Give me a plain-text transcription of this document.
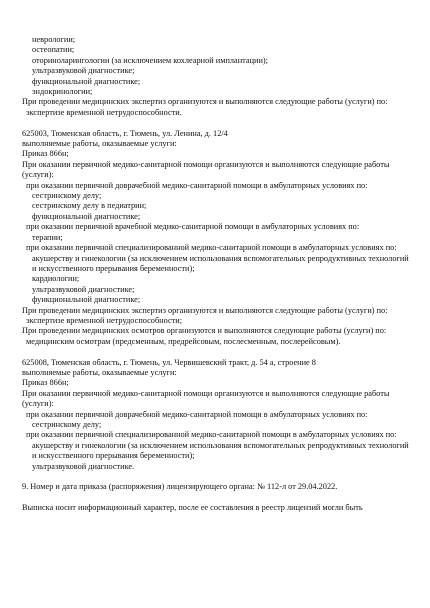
неврологии;

остеопатии;

оториноларингологии (за исключением кохлеарной имплантации);

ультразвуковой диагностике;

функциональной диагностике;

эндокринологии;

При проведении медицинских экспертиз организуются и выполняются следующие работы (услуги) по:

экспертизе временной нетрудоспособности.

625003, Тюменская область, г. Тюмень, ул. Ленина, д. 12/4

выполняемые работы, оказываемые услуги:

Приказ 866н;

При оказании первичной медико-санитарной помощи организуются и выполняются следующие работы (услуги):

при оказании первичной доврачебной медико-санитарной помощи в амбулаторных условиях по:

сестринскому делу;

сестринскому делу в педиатрии;

функциональной диагностике;

при оказании первичной врачебной медико-санитарной помощи в амбулаторных условиях по:

терапии;

при оказании первичной специализированной медико-санитарной помощи в амбулаторных условиях по:

акушерству и гинекологии (за исключением использования вспомогательных репродуктивных технологий и искусственного прерывания беременности);

кардиологии;

ультразвуковой диагностике;

функциональной диагностике;

При проведении медицинских экспертиз организуются и выполняются следующие работы (услуги) по:

экспертизе временной нетрудоспособности;

При проведении медицинских осмотров организуются и выполняются следующие работы (услуги) по:

медицинским осмотрам (предсменным, предрейсовым, послесменным, послерейсовым).

625008, Тюменская область, г. Тюмень, ул. Червишевский тракт, д. 54 а, строение 8

выполняемые работы, оказываемые услуги:

Приказ 866н;

При оказании первичной медико-санитарной помощи организуются и выполняются следующие работы (услуги):

при оказании первичной доврачебной медико-санитарной помощи в амбулаторных условиях по:

сестринскому делу;

при оказании первичной специализированной медико-санитарной помощи в амбулаторных условиях по:

акушерству и гинекологии (за исключением использования вспомогательных репродуктивных технологий и искусственного прерывания беременности);

ультразвуковой диагностике.

9. Номер и дата приказа (распоряжения) лицензирующего органа: № 112-л от 29.04.2022.

Выписка носит информационный характер, после ее составления в реестр лицензий могли быть
